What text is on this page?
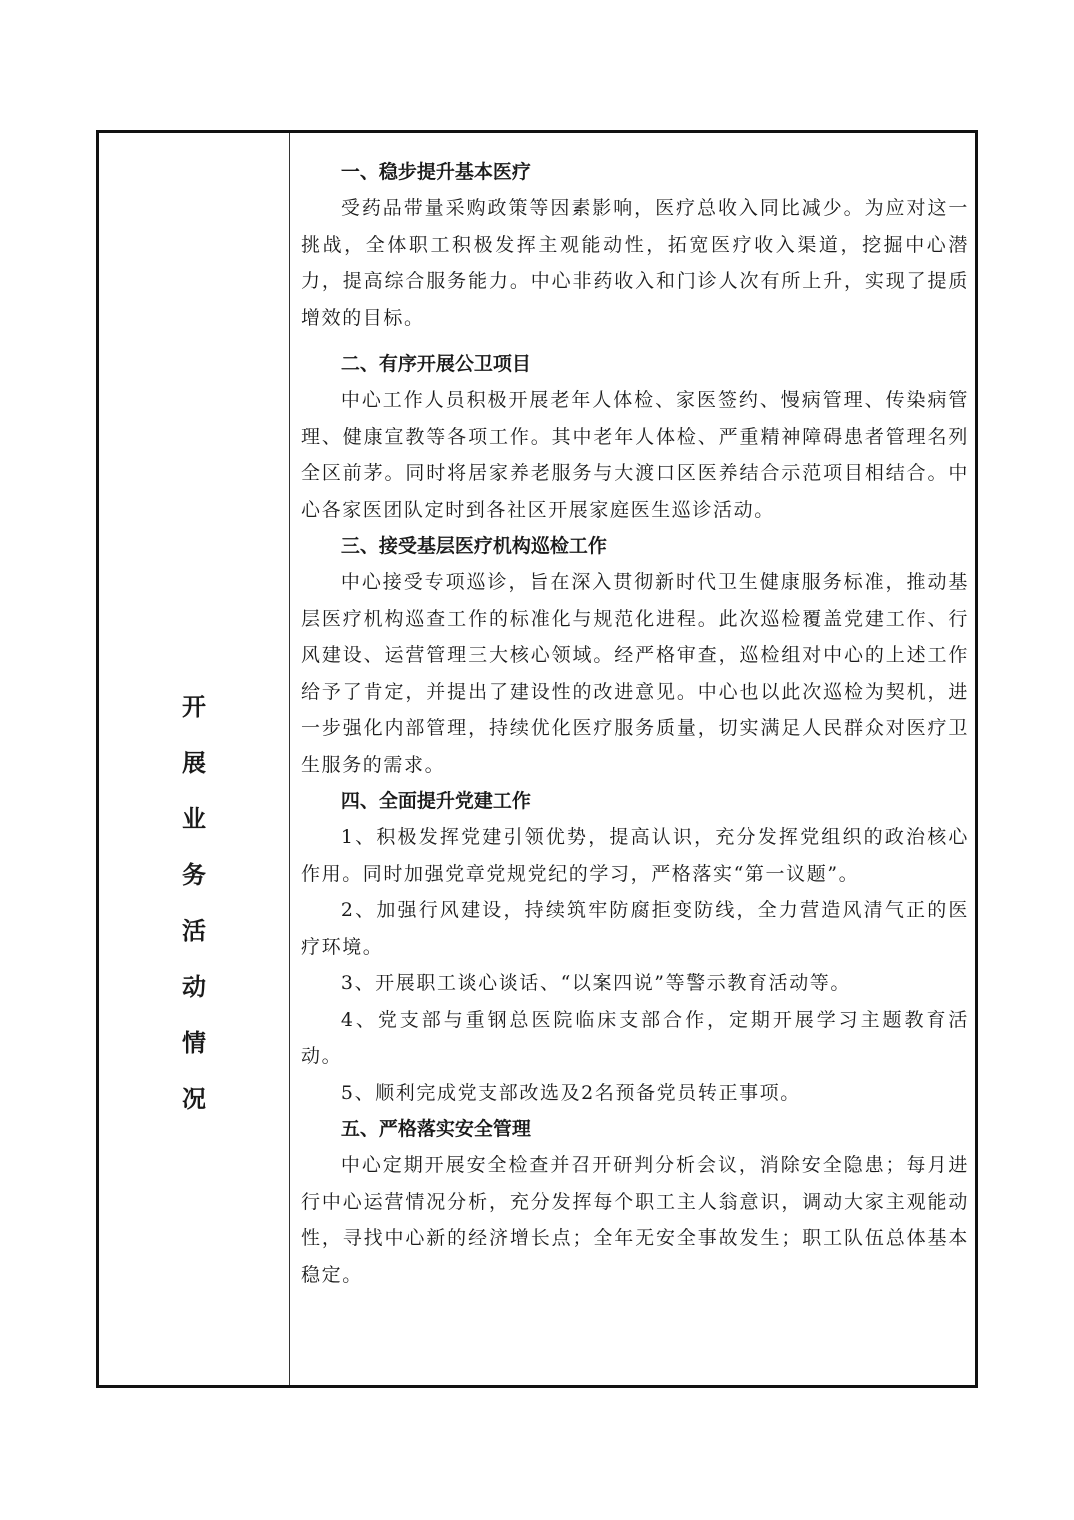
开
展
业
务
活
动
情
况

一、稳步提升基本医疗

受药品带量采购政策等因素影响，医疗总收入同比减少。为应对这一挑战，全体职工积极发挥主观能动性，拓宽医疗收入渠道，挖掘中心潜力，提高综合服务能力。中心非药收入和门诊人次有所上升，实现了提质增效的目标。

二、有序开展公卫项目

中心工作人员积极开展老年人体检、家医签约、慢病管理、传染病管理、健康宣教等各项工作。其中老年人体检、严重精神障碍患者管理名列全区前茅。同时将居家养老服务与大渡口区医养结合示范项目相结合。中心各家医团队定时到各社区开展家庭医生巡诊活动。

三、接受基层医疗机构巡检工作

中心接受专项巡诊，旨在深入贯彻新时代卫生健康服务标准，推动基层医疗机构巡查工作的标准化与规范化进程。此次巡检覆盖党建工作、行风建设、运营管理三大核心领域。经严格审查，巡检组对中心的上述工作给予了肯定，并提出了建设性的改进意见。中心也以此次巡检为契机，进一步强化内部管理，持续优化医疗服务质量，切实满足人民群众对医疗卫生服务的需求。

四、全面提升党建工作

1、积极发挥党建引领优势，提高认识，充分发挥党组织的政治核心作用。同时加强党章党规党纪的学习，严格落实“第一议题”。

2、加强行风建设，持续筑牢防腐拒变防线，全力营造风清气正的医疗环境。

3、开展职工谈心谈话、“以案四说”等警示教育活动等。

4、党支部与重钢总医院临床支部合作，定期开展学习主题教育活动。

5、顺利完成党支部改选及2名预备党员转正事项。

五、严格落实安全管理

中心定期开展安全检查并召开研判分析会议，消除安全隐患；每月进行中心运营情况分析，充分发挥每个职工主人翁意识，调动大家主观能动性，寻找中心新的经济增长点；全年无安全事故发生；职工队伍总体基本稳定。
